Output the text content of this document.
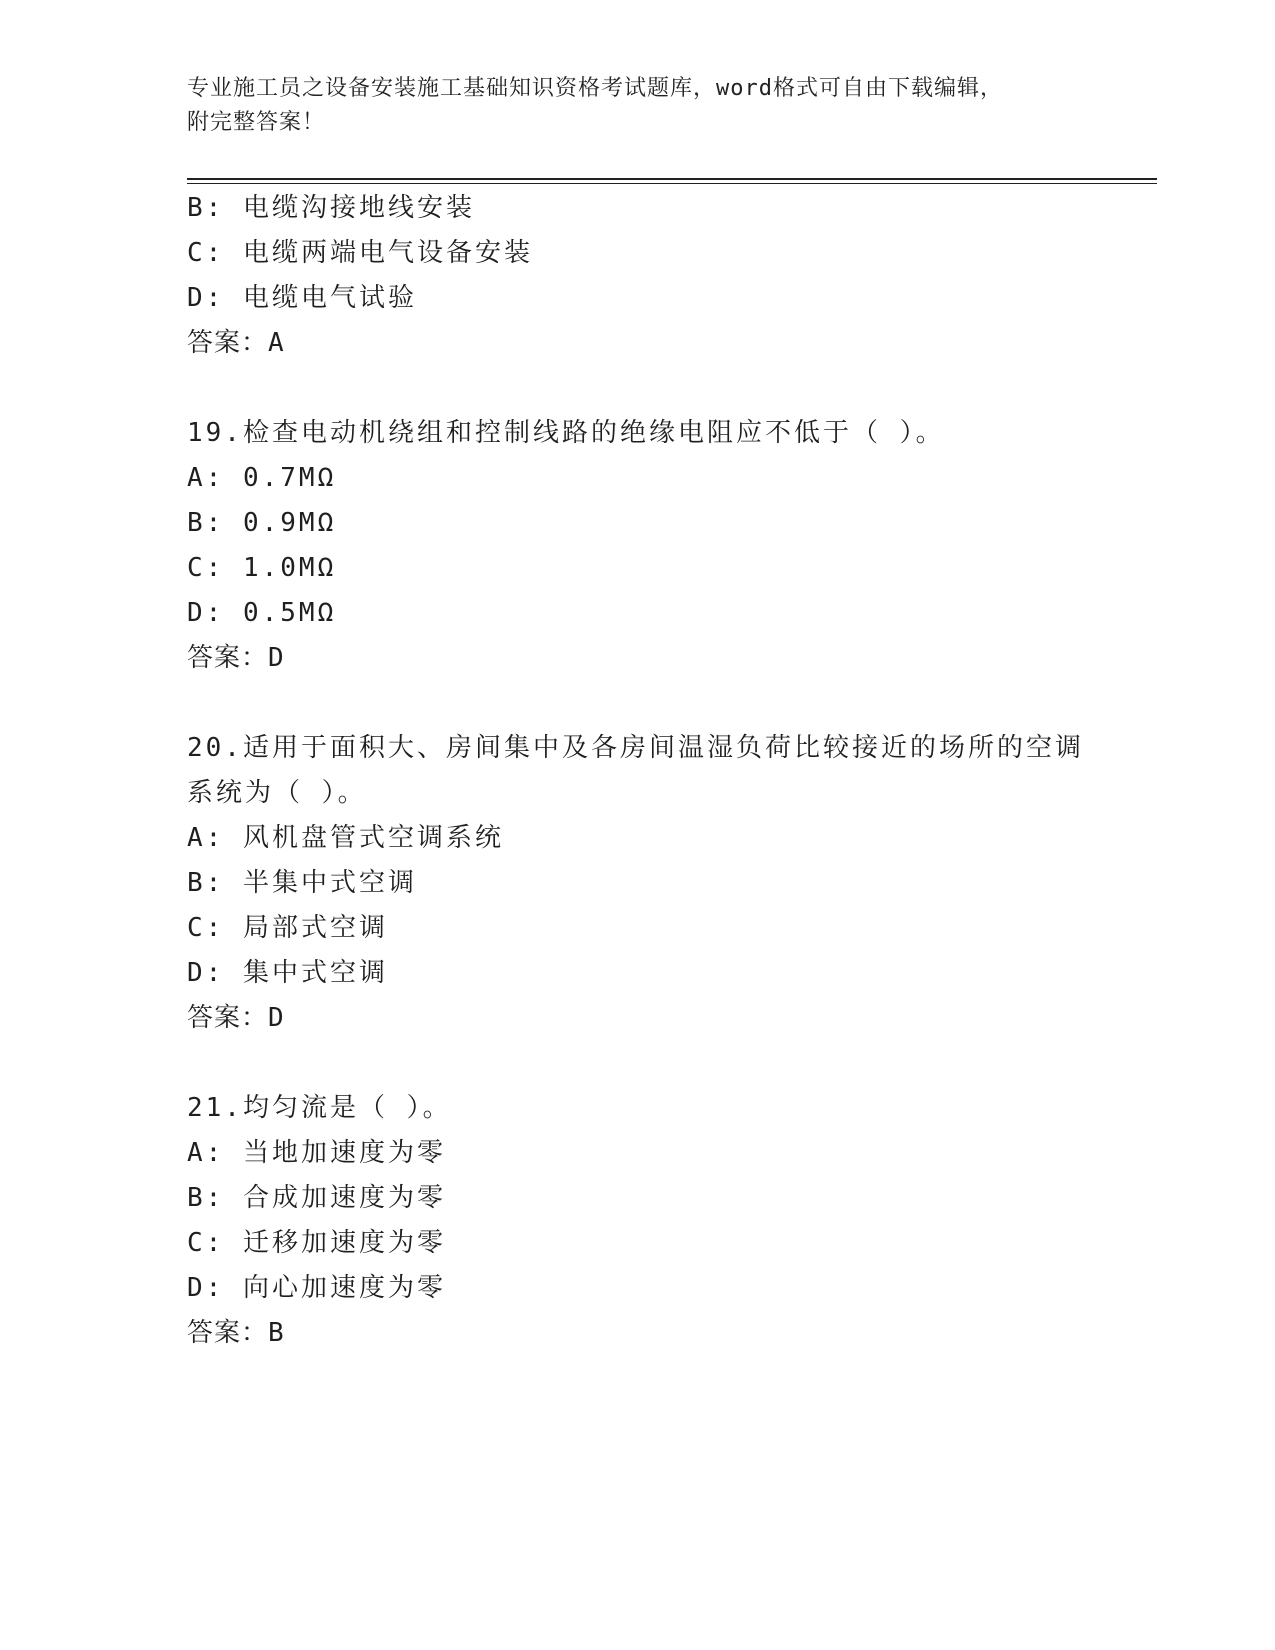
专业施工员之设备安装施工基础知识资格考试题库，word格式可自由下载编辑，
附完整答案！
B: 电缆沟接地线安装
C: 电缆两端电气设备安装
D: 电缆电气试验
答案：A
19.检查电动机绕组和控制线路的绝缘电阻应不低于（ ）。
A: 0.7MΩ
B: 0.9MΩ
C: 1.0MΩ
D: 0.5MΩ
答案：D
20.适用于面积大、房间集中及各房间温湿负荷比较接近的场所的空调
系统为（ ）。
A: 风机盘管式空调系统
B: 半集中式空调
C: 局部式空调
D: 集中式空调
答案：D
21.均匀流是（ ）。
A: 当地加速度为零
B: 合成加速度为零
C: 迁移加速度为零
D: 向心加速度为零
答案：B
